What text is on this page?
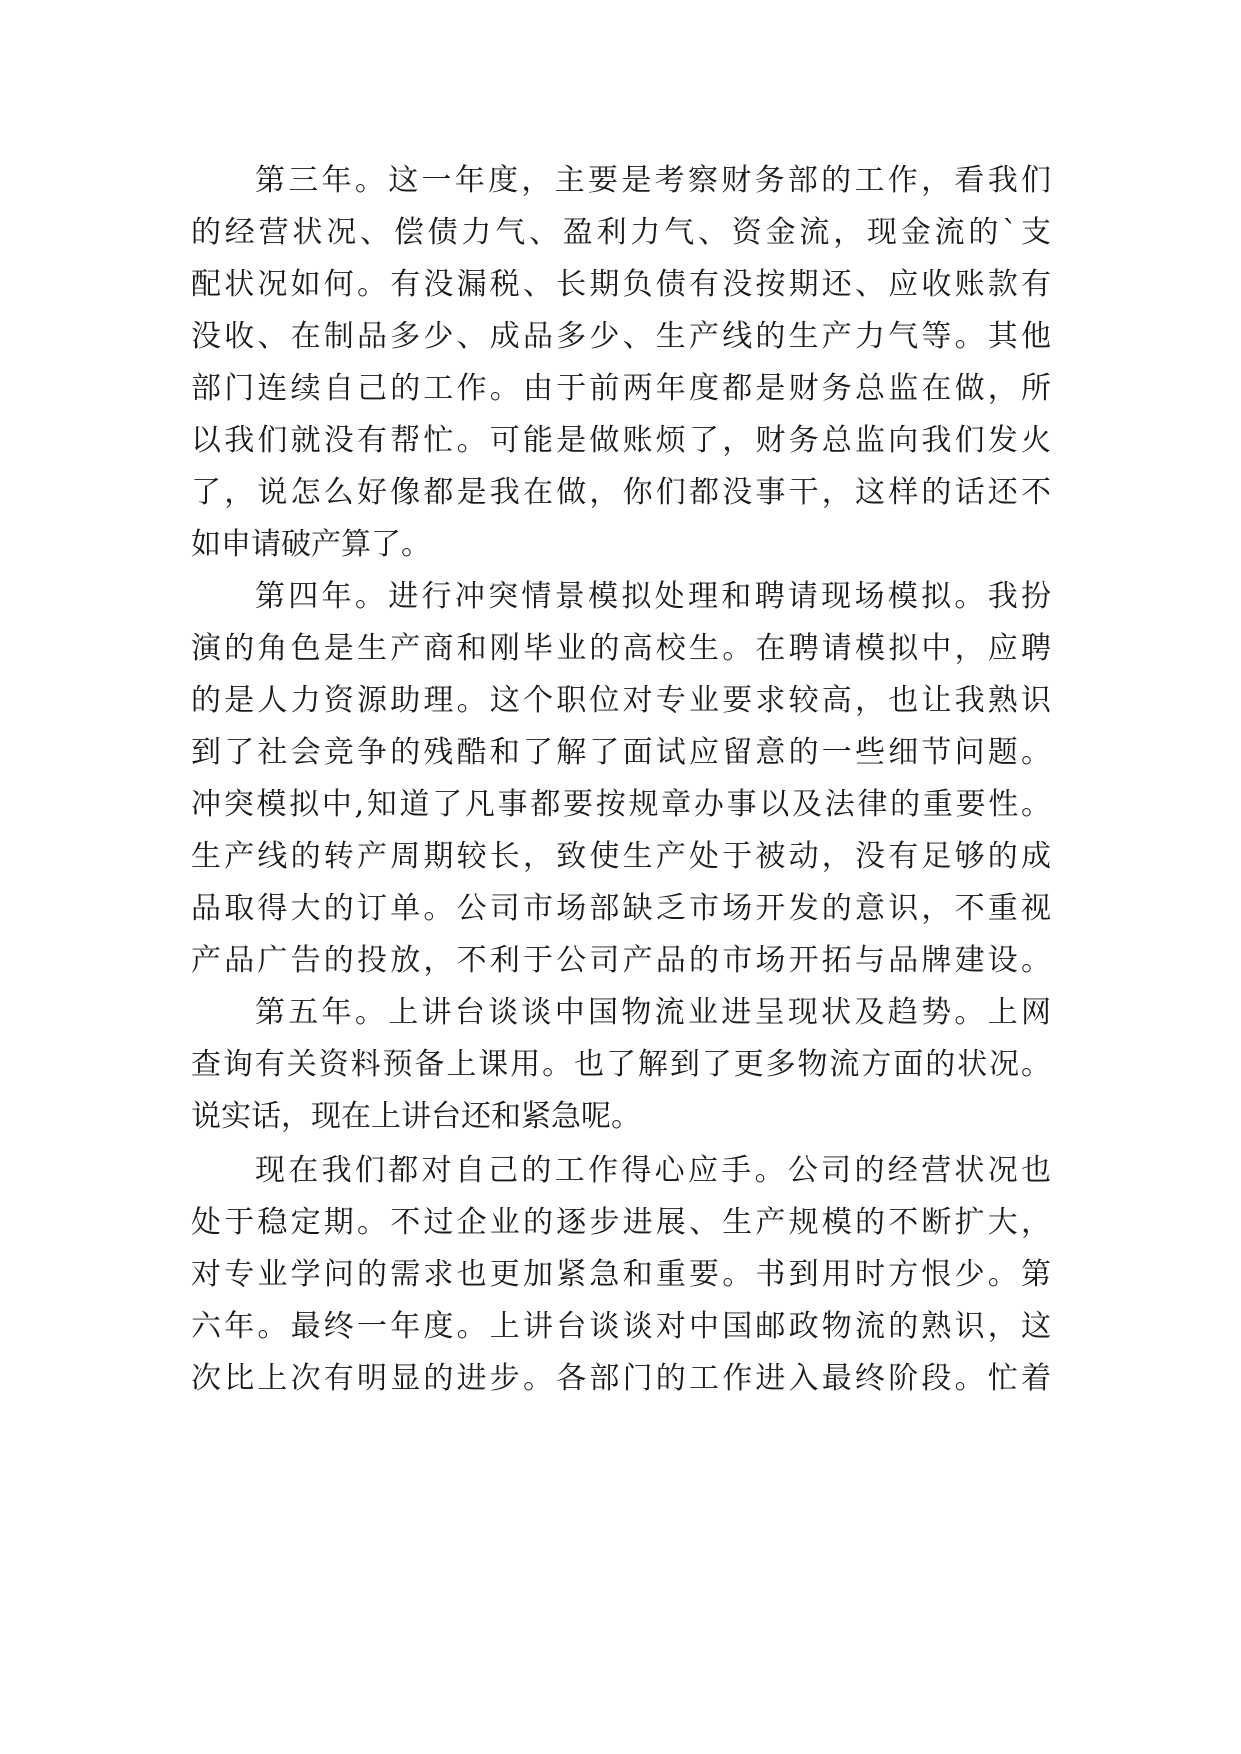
第三年。这一年度，主要是考察财务部的工作，看我们
的经营状况、偿债力气、盈利力气、资金流，现金流的`支
配状况如何。有没漏税、长期负债有没按期还、应收账款有
没收、在制品多少、成品多少、生产线的生产力气等。其他
部门连续自己的工作。由于前两年度都是财务总监在做，所
以我们就没有帮忙。可能是做账烦了，财务总监向我们发火
了，说怎么好像都是我在做，你们都没事干，这样的话还不
如申请破产算了。
第四年。进行冲突情景模拟处理和聘请现场模拟。我扮
演的角色是生产商和刚毕业的高校生。在聘请模拟中，应聘
的是人力资源助理。这个职位对专业要求较高，也让我熟识
到了社会竞争的残酷和了解了面试应留意的一些细节问题。
冲突模拟中,知道了凡事都要按规章办事以及法律的重要性。
生产线的转产周期较长，致使生产处于被动，没有足够的成
品取得大的订单。公司市场部缺乏市场开发的意识，不重视
产品广告的投放，不利于公司产品的市场开拓与品牌建设。
第五年。上讲台谈谈中国物流业进呈现状及趋势。上网
查询有关资料预备上课用。也了解到了更多物流方面的状况。
说实话，现在上讲台还和紧急呢。
现在我们都对自己的工作得心应手。公司的经营状况也
处于稳定期。不过企业的逐步进展、生产规模的不断扩大，
对专业学问的需求也更加紧急和重要。书到用时方恨少。第
六年。最终一年度。上讲台谈谈对中国邮政物流的熟识，这
次比上次有明显的进步。各部门的工作进入最终阶段。忙着
